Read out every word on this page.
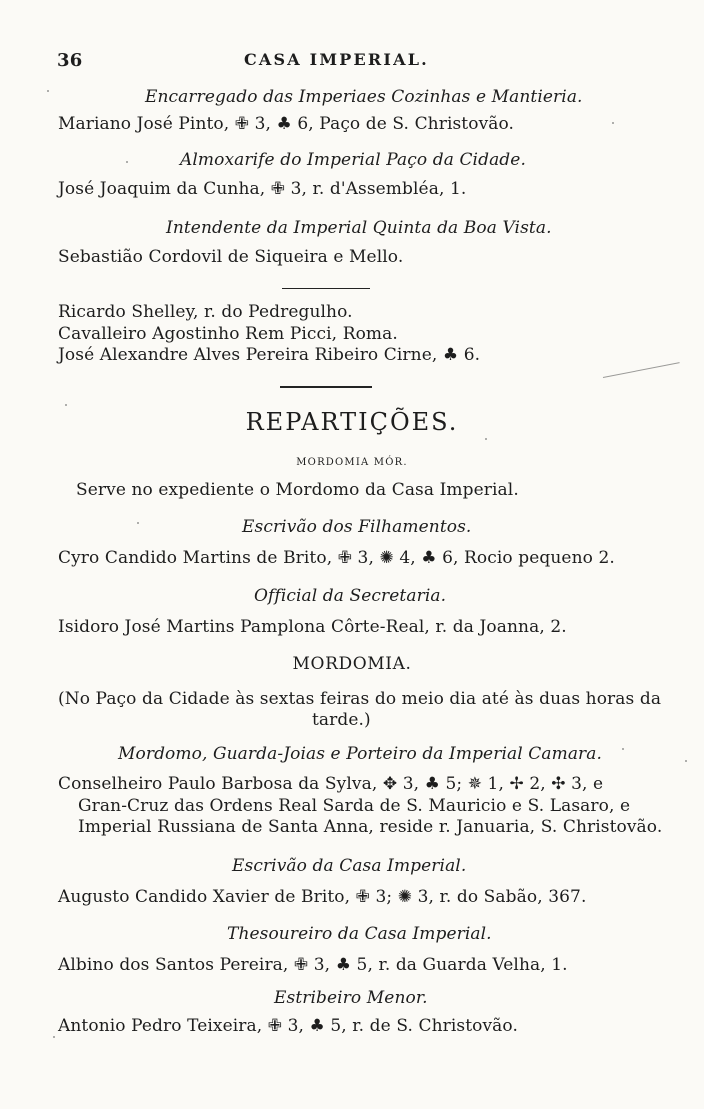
36	CASA IMPERIAL.
Encarregado das Imperiaes Cozinhas e Mantieria.
Mariano José Pinto, ✙ 3, ♣ 6, Paço de S. Christovão.
Almoxarife do Imperial Paço da Cidade.
José Joaquim da Cunha, ✙ 3, r. d'Assembléa, 1.
Intendente da Imperial Quinta da Boa Vista.
Sebastião Cordovil de Siqueira e Mello.
Ricardo Shelley, r. do Pedregulho.
Cavalleiro Agostinho Rem Picci, Roma.
José Alexandre Alves Pereira Ribeiro Cirne, ♣ 6.
REPARTIÇÕES.
MORDOMIA MÓR.
Serve no expediente o Mordomo da Casa Imperial.
Escrivão dos Filhamentos.
Cyro Candido Martins de Brito, ✙ 3, ✺ 4, ♣ 6, Rocio pequeno 2.
Official da Secretaria.
Isidoro José Martins Pamplona Côrte-Real, r. da Joanna, 2.
MORDOMIA.
(No Paço da Cidade às sextas feiras do meio dia até às duas horas da
tarde.)
Mordomo, Guarda-Joias e Porteiro da Imperial Camara.
Conselheiro Paulo Barbosa da Sylva, ✥ 3, ♣ 5; ✵ 1, ✢ 2, ✣ 3, e
Gran-Cruz das Ordens Real Sarda de S. Mauricio e S. Lasaro, e
Imperial Russiana de Santa Anna, reside r. Januaria, S. Christovão.
Escrivão da Casa Imperial.
Augusto Candido Xavier de Brito, ✙ 3; ✺ 3, r. do Sabão, 367.
Thesoureiro da Casa Imperial.
Albino dos Santos Pereira, ✙ 3, ♣ 5, r. da Guarda Velha, 1.
Estribeiro Menor.
Antonio Pedro Teixeira, ✙ 3, ♣ 5, r. de S. Christovão.
